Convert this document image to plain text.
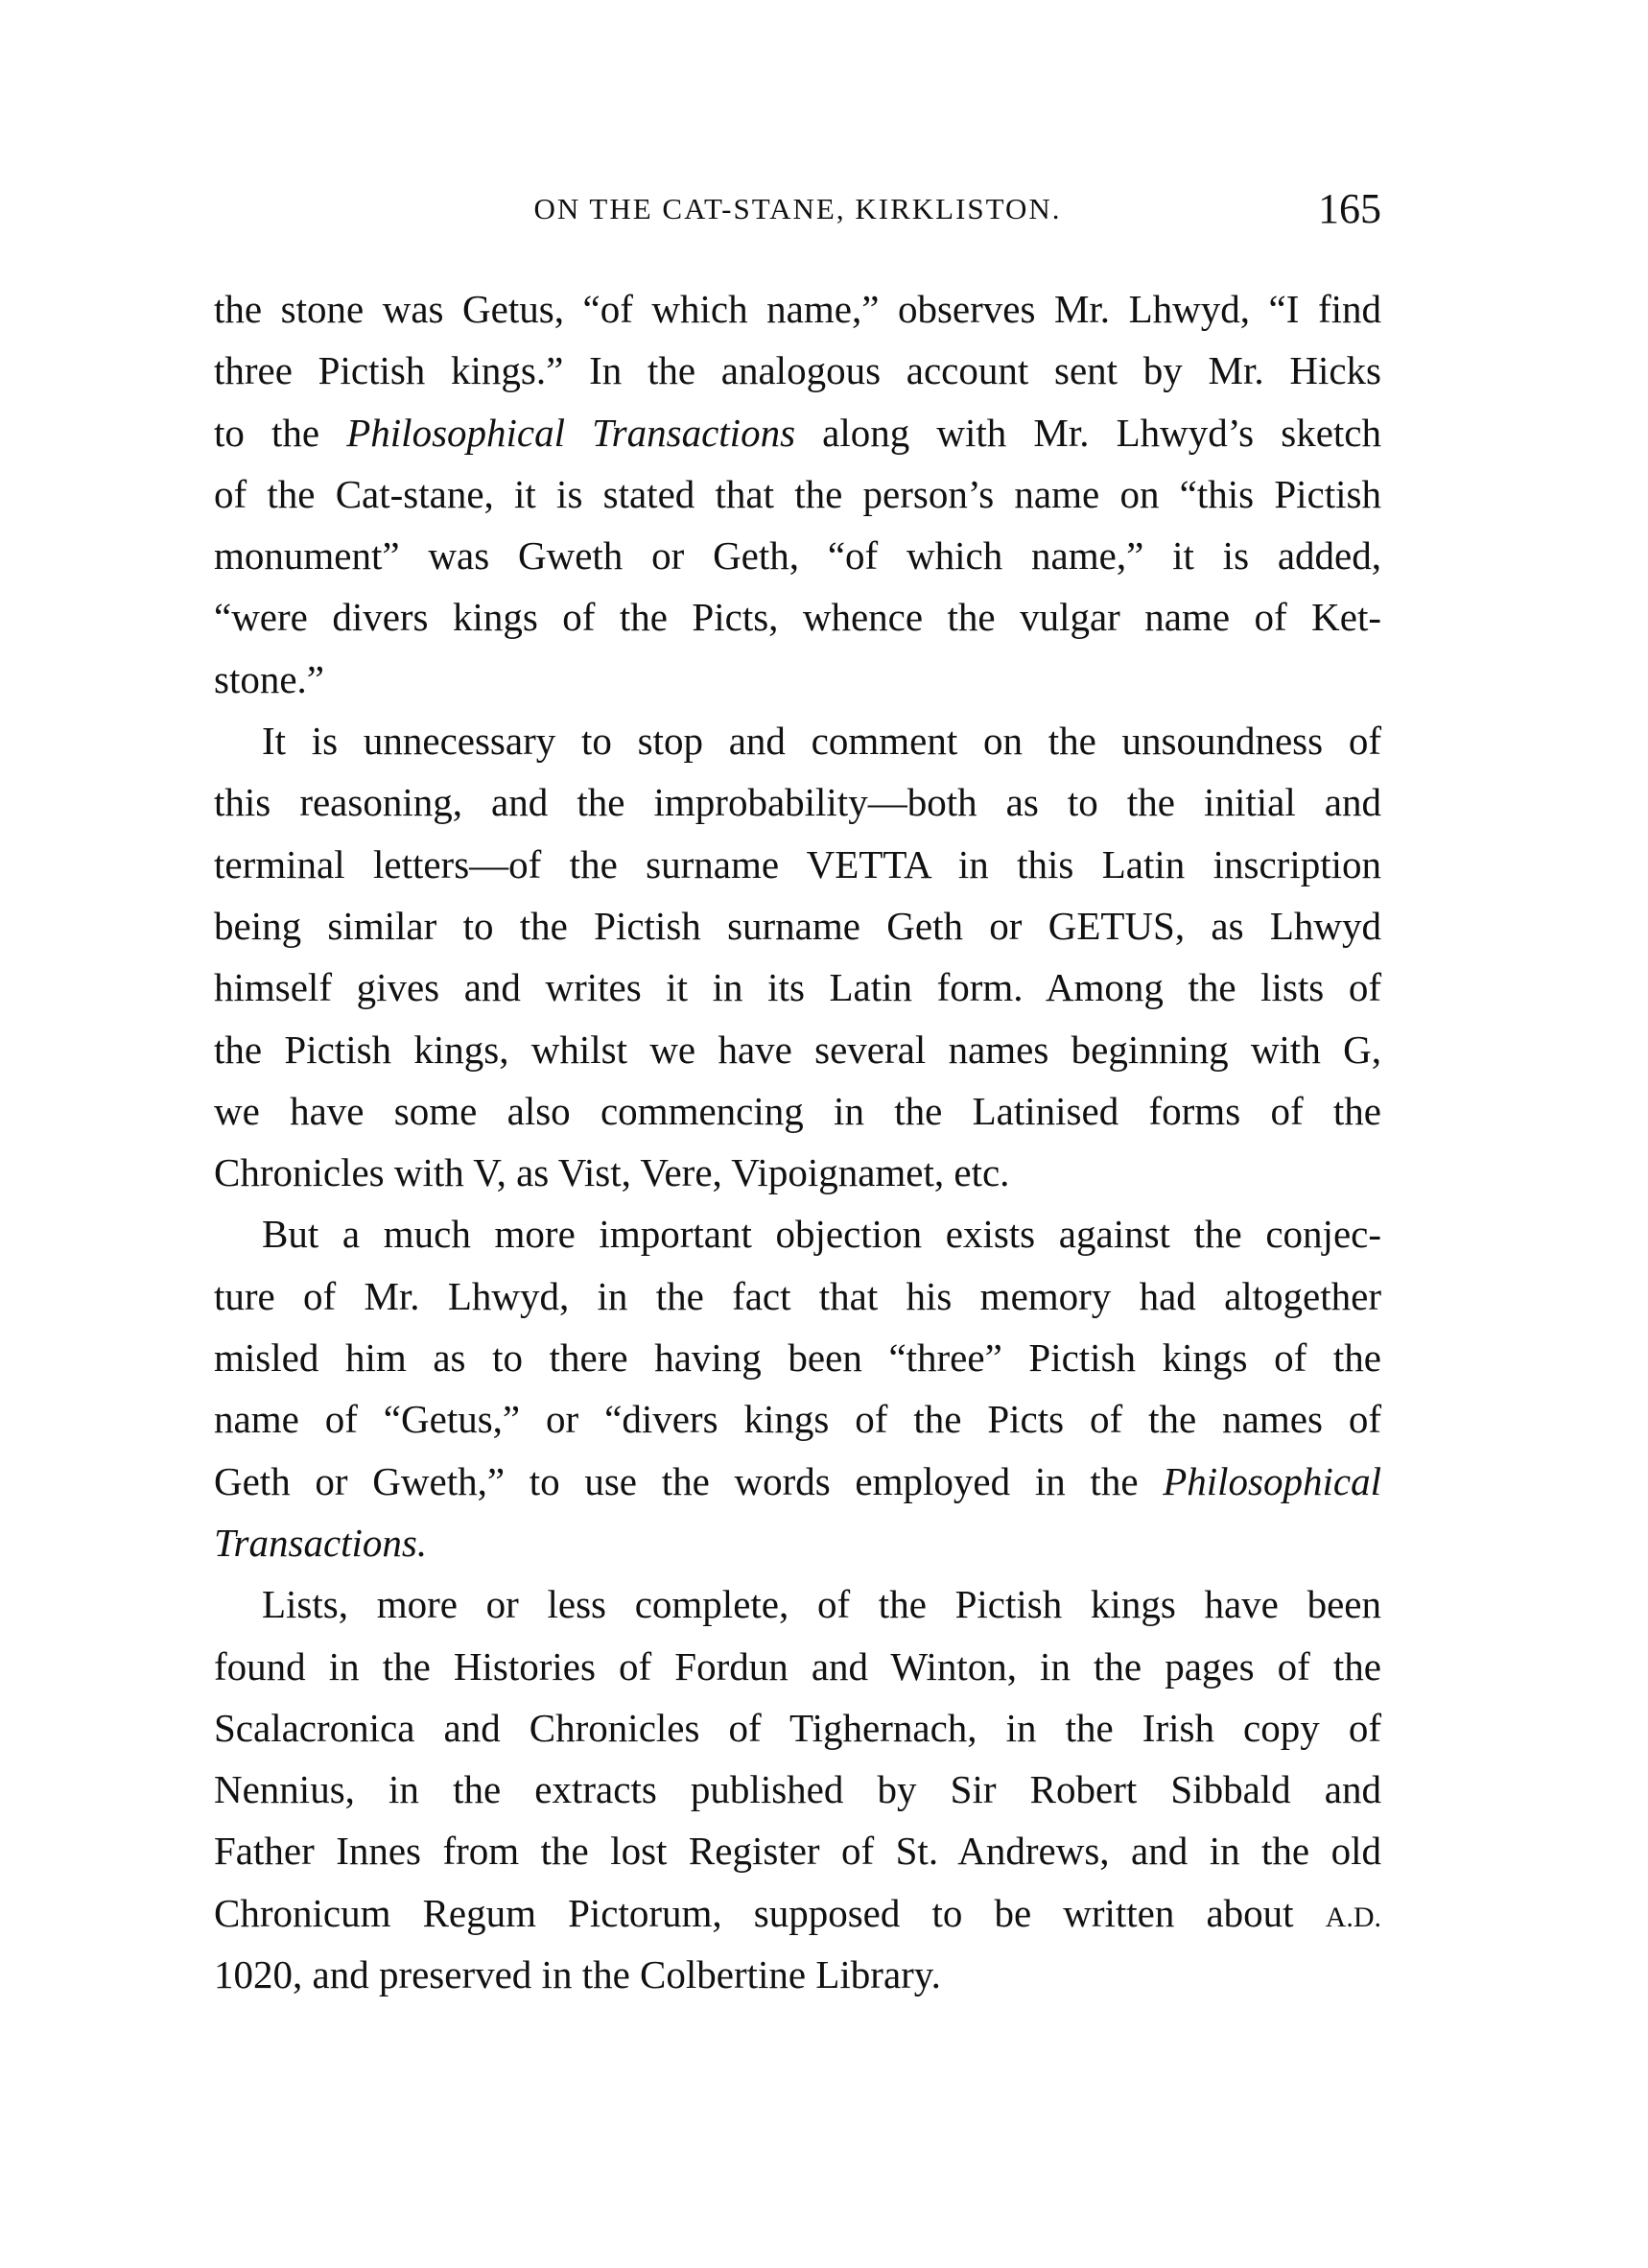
ON THE CAT-STANE, KIRKLISTON.	165
the stone was Getus, “of which name,” observes Mr. Lhwyd, “I find
three Pictish kings.” In the analogous account sent by Mr. Hicks
to the Philosophical Transactions along with Mr. Lhwyd’s sketch
of the Cat-stane, it is stated that the person’s name on “this Pictish
monument” was Gweth or Geth, “of which name,” it is added,
“were divers kings of the Picts, whence the vulgar name of Ket-
stone.”
It is unnecessary to stop and comment on the unsoundness of
this reasoning, and the improbability—both as to the initial and
terminal letters—of the surname VETTA in this Latin inscription
being similar to the Pictish surname Geth or GETUS, as Lhwyd
himself gives and writes it in its Latin form. Among the lists of
the Pictish kings, whilst we have several names beginning with G,
we have some also commencing in the Latinised forms of the
Chronicles with V, as Vist, Vere, Vipoignamet, etc.
But a much more important objection exists against the conjec-
ture of Mr. Lhwyd, in the fact that his memory had altogether
misled him as to there having been “three” Pictish kings of the
name of “Getus,” or “divers kings of the Picts of the names of
Geth or Gweth,” to use the words employed in the Philosophical
Transactions.
Lists, more or less complete, of the Pictish kings have been
found in the Histories of Fordun and Winton, in the pages of the
Scalacronica and Chronicles of Tighernach, in the Irish copy of
Nennius, in the extracts published by Sir Robert Sibbald and
Father Innes from the lost Register of St. Andrews, and in the old
Chronicum Regum Pictorum, supposed to be written about A.D.
1020, and preserved in the Colbertine Library.
